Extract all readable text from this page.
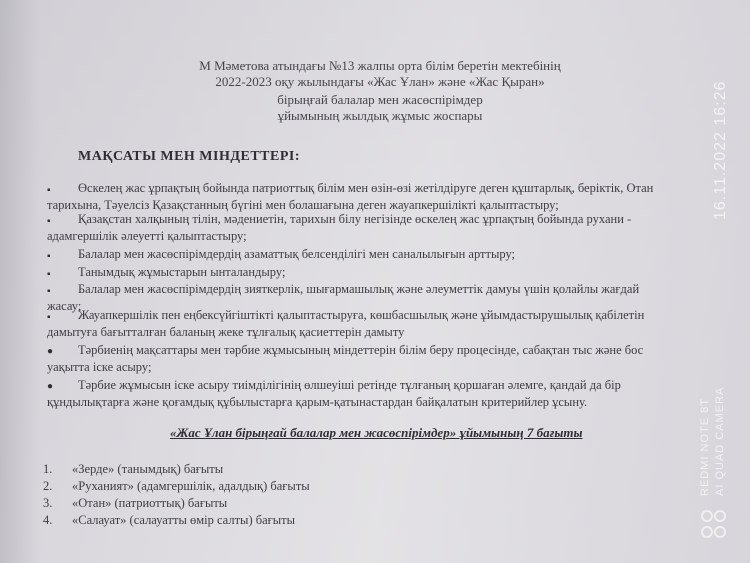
М Мәметова атындағы №13 жалпы орта білім беретін мектебінің
2022-2023 оқу жылындағы «Жас Ұлан» және «Жас Қыран»
бірыңғай балалар мен жасөспірімдер
ұйымының жылдық жұмыс жоспары
МАҚСАТЫ МЕН МІНДЕТТЕРІ:
▪ Өскелең жас ұрпақтың бойында патриоттық білім мен өзін-өзі жетілдіруге деген құштарлық, беріктік, Отан
тарихына, Тәуелсіз Қазақстанның бүгіні мен болашағына деген жауапкершілікті қалыптастыру;
▪ Қазақстан халқының тілін, мәдениетін, тарихын білу негізінде өскелең жас ұрпақтың бойында рухани -
адамгершілік әлеуетті қалыптастыру;
▪ Балалар мен жасөспірімдердің азаматтық белсенділігі мен саналылығын арттыру;
▪ Танымдық жұмыстарын ынталандыру;
▪ Балалар мен жасөспірімдердің зияткерлік, шығармашылық және әлеуметтік дамуы үшін қолайлы жағдай
жасау;
▪ Жауапкершілік пен еңбексүйгіштікті қалыптастыруға, көшбасшылық және ұйымдастырушылық қабілетін
дамытуға бағытталған баланың жеке тұлғалық қасиеттерін дамыту
● Тәрбиенің мақсаттары мен тәрбие жұмысының міндеттерін білім беру процесінде, сабақтан тыс және бос
уақытта іске асыру;
● Тәрбие жұмысын іске асыру тиімділігінің өлшеуіші ретінде тұлғаның қоршаған әлемге, қандай да бір
құндылықтарға және қоғамдық құбылыстарға қарым-қатынастардан байқалатын критерийлер ұсыну.
«Жас Ұлан бірыңғай балалар мен жасөспірімдер» ұйымының 7 бағыты
1. «Зерде» (танымдық) бағыты
2. «Руханият» (адамгершілік, адалдық) бағыты
3. «Отан» (патриоттық) бағыты
4. «Салауат» (салауатты өмір салты) бағыты
16.11.2022 16:26
REDMI NOTE 8T AI QUAD CAMERA
